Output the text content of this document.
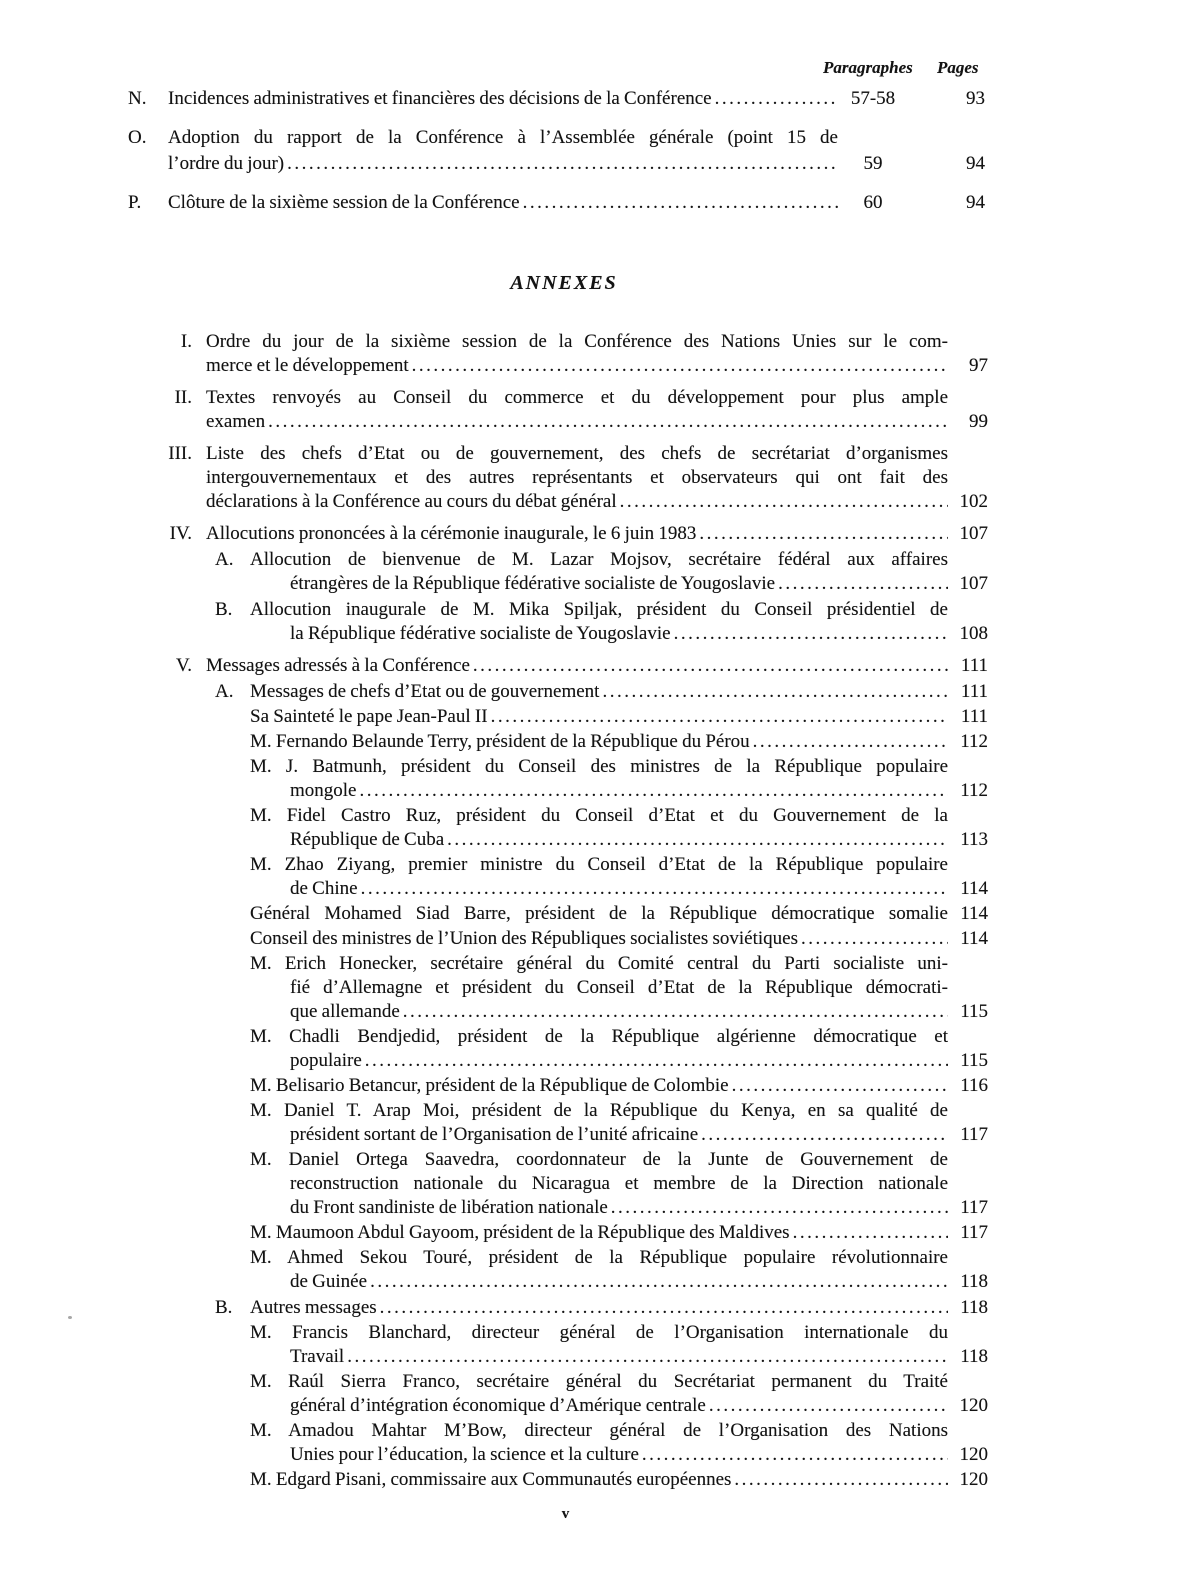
Paragraphes Pages
N.	Incidences administratives et financières des décisions de la Conférence .....	57-58	93
O.	Adoption du rapport de la Conférence à l’Assemblée générale (point 15 de
l’ordre du jour) .....	59	94
P.	Clôture de la sixième session de la Conférence .....	60	94
ANNEXES
I. Ordre du jour de la sixième session de la Conférence des Nations Unies sur le com-
merce et le développement .....	97
II. Textes renvoyés au Conseil du commerce et du développement pour plus ample
examen .....	99
III. Liste des chefs d’Etat ou de gouvernement, des chefs de secrétariat d’organismes
intergouvernementaux et des autres représentants et observateurs qui ont fait des
déclarations à la Conférence au cours du débat général .....	102
IV. Allocutions prononcées à la cérémonie inaugurale, le 6 juin 1983 .....	107
A. Allocution de bienvenue de M. Lazar Mojsov, secrétaire fédéral aux affaires
étrangères de la République fédérative socialiste de Yougoslavie .....	107
B. Allocution inaugurale de M. Mika Spiljak, président du Conseil présidentiel de
la République fédérative socialiste de Yougoslavie .....	108
V. Messages adressés à la Conférence .....	111
A. Messages de chefs d’Etat ou de gouvernement .....	111
Sa Sainteté le pape Jean-Paul II .....	111
M. Fernando Belaunde Terry, président de la République du Pérou .....	112
M. J. Batmunh, président du Conseil des ministres de la République populaire
mongole .....	112
M. Fidel Castro Ruz, président du Conseil d’Etat et du Gouvernement de la
République de Cuba .....	113
M. Zhao Ziyang, premier ministre du Conseil d’Etat de la République populaire
de Chine .....	114
Général Mohamed Siad Barre, président de la République démocratique somalie 114
Conseil des ministres de l’Union des Républiques socialistes soviétiques .....	114
M. Erich Honecker, secrétaire général du Comité central du Parti socialiste uni-
fié d’Allemagne et président du Conseil d’Etat de la République démocrati-
que allemande .....	115
M. Chadli Bendjedid, président de la République algérienne démocratique et
populaire .....	115
M. Belisario Betancur, président de la République de Colombie .....	116
M. Daniel T. Arap Moi, président de la République du Kenya, en sa qualité de
président sortant de l’Organisation de l’unité africaine .....	117
M. Daniel Ortega Saavedra, coordonnateur de la Junte de Gouvernement de
reconstruction nationale du Nicaragua et membre de la Direction nationale
du Front sandiniste de libération nationale .....	117
M. Maumoon Abdul Gayoom, président de la République des Maldives .....	117
M. Ahmed Sekou Touré, président de la République populaire révolutionnaire
de Guinée .....	118
B. Autres messages .....	118
M. Francis Blanchard, directeur général de l’Organisation internationale du
Travail .....	118
M. Raúl Sierra Franco, secrétaire général du Secrétariat permanent du Traité
général d’intégration économique d’Amérique centrale .....	120
M. Amadou Mahtar M’Bow, directeur général de l’Organisation des Nations
Unies pour l’éducation, la science et la culture .....	120
M. Edgard Pisani, commissaire aux Communautés européennes .....	120
v
